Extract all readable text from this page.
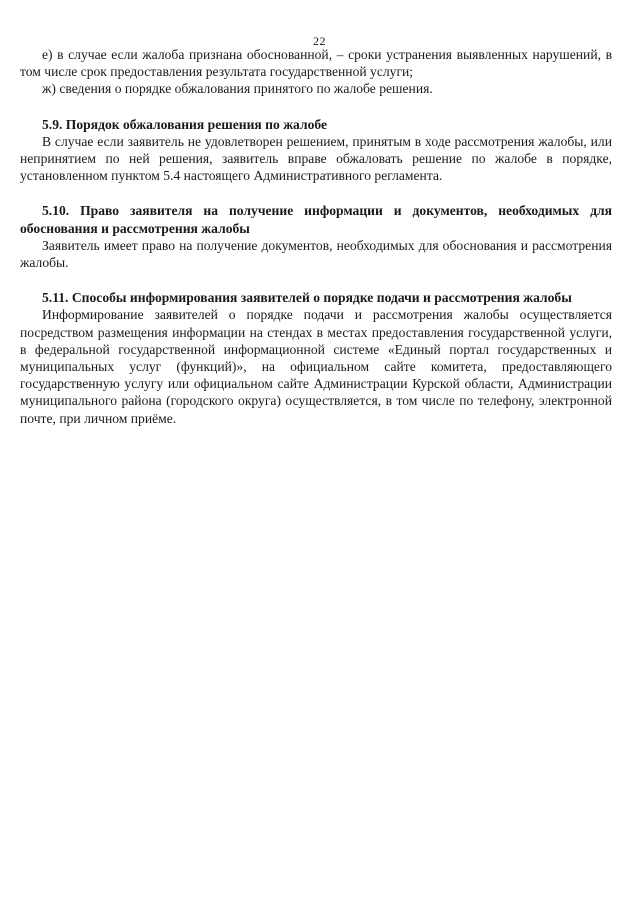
22

е) в случае если жалоба признана обоснованной, – сроки устранения выявленных нарушений, в том числе срок предоставления результата государственной услуги;

ж) сведения о порядке обжалования принятого по жалобе решения.

5.9. Порядок обжалования решения по жалобе

В случае если заявитель не удовлетворен решением, принятым в ходе рассмотрения жалобы, или непринятием по ней решения, заявитель вправе обжаловать решение по жалобе в порядке, установленном пунктом 5.4 настоящего Административного регламента.

5.10. Право заявителя на получение информации и документов, необходимых для обоснования и рассмотрения жалобы

Заявитель имеет право на получение документов, необходимых для обоснования и рассмотрения жалобы.

5.11. Способы информирования заявителей о порядке подачи и рассмотрения жалобы

Информирование заявителей о порядке подачи и рассмотрения жалобы осуществляется посредством размещения информации на стендах в местах предоставления государственной услуги, в федеральной государственной информационной системе «Единый портал государственных и муниципальных услуг (функций)», на официальном сайте комитета, предоставляющего государственную услугу или официальном сайте Администрации Курской области, Администрации муниципального района (городского округа) осуществляется, в том числе по телефону, электронной почте, при личном приёме.
